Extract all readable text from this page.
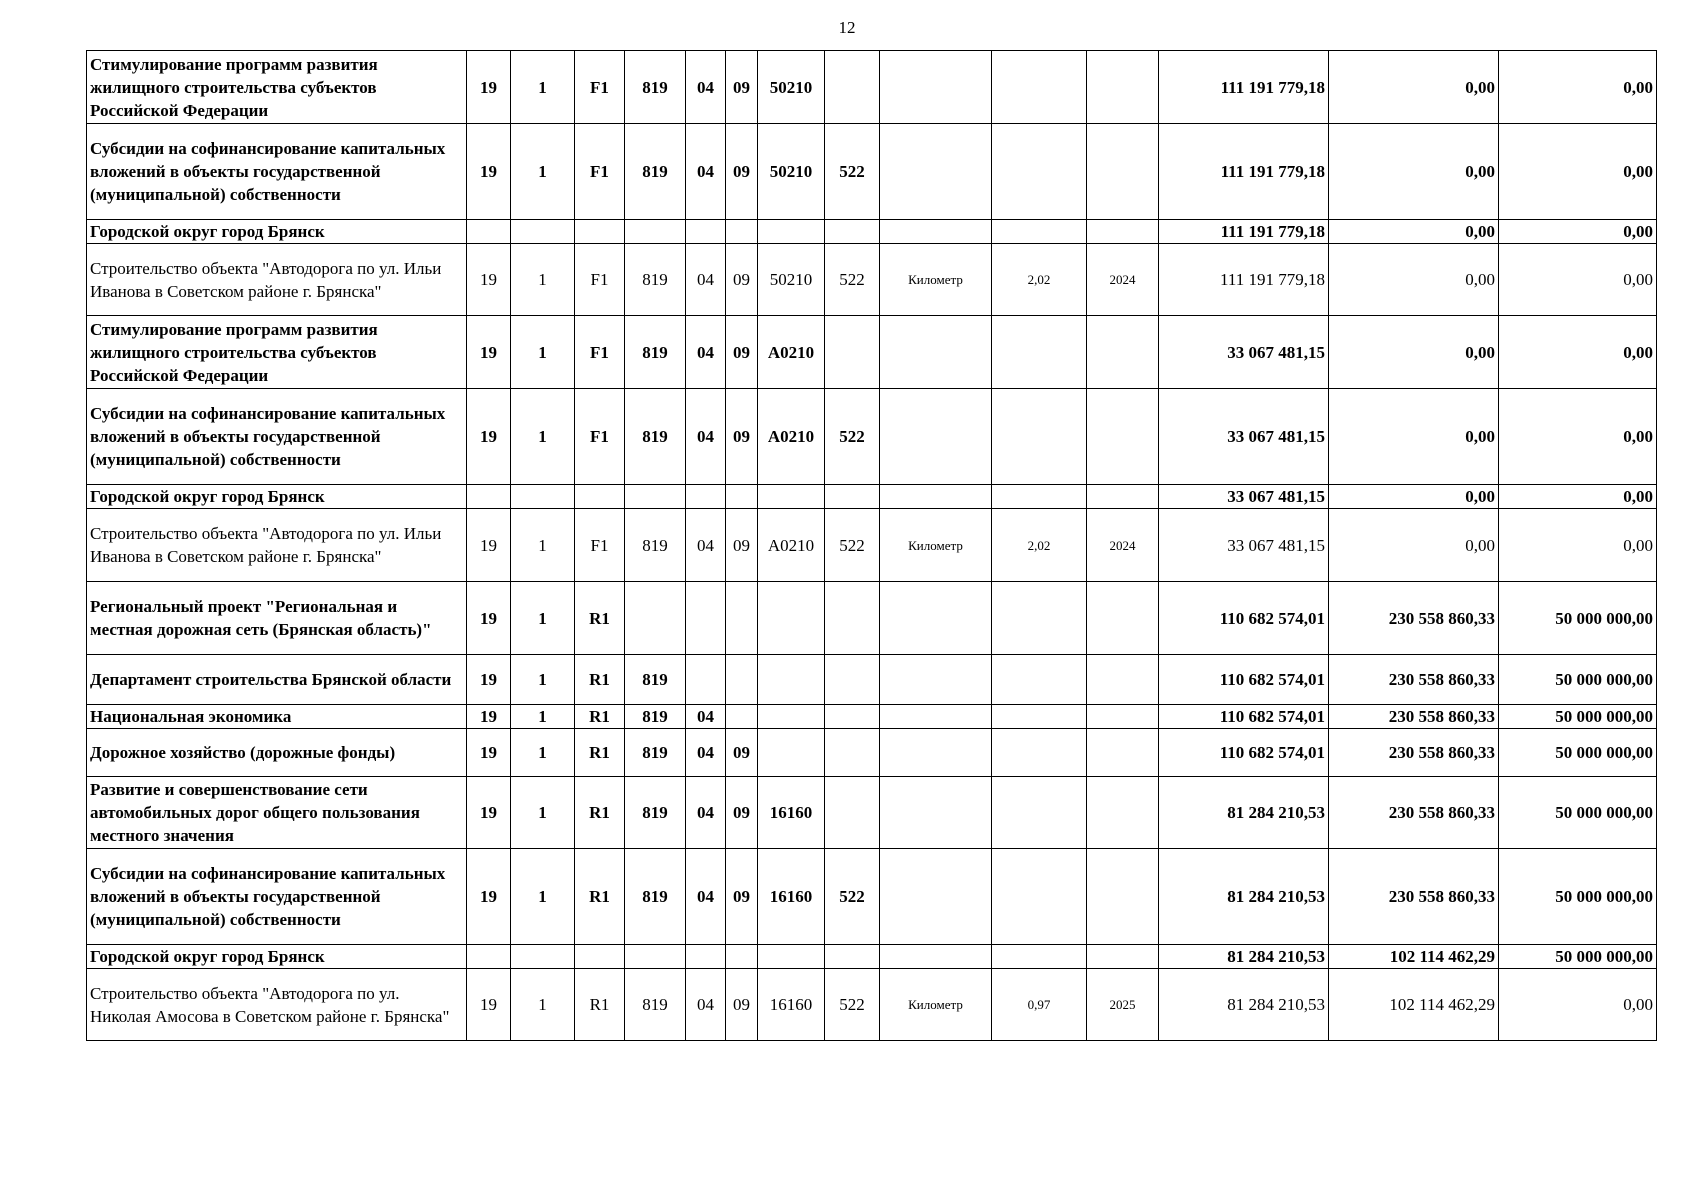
12
Стимулирование программ развития жилищного строительства субъектов Российской Федерации	19	1	F1	819	04	09	50210					111 191 779,18	0,00	0,00
Субсидии на софинансирование капитальных вложений в объекты государственной (муниципальной) собственности	19	1	F1	819	04	09	50210	522				111 191 779,18	0,00	0,00
Городской округ город Брянск												111 191 779,18	0,00	0,00
Строительство объекта "Автодорога по ул. Ильи Иванова в Советском районе г. Брянска"	19	1	F1	819	04	09	50210	522	Километр	2,02	2024	111 191 779,18	0,00	0,00
Стимулирование программ развития жилищного строительства субъектов Российской Федерации	19	1	F1	819	04	09	А0210					33 067 481,15	0,00	0,00
Субсидии на софинансирование капитальных вложений в объекты государственной (муниципальной) собственности	19	1	F1	819	04	09	А0210	522				33 067 481,15	0,00	0,00
Городской округ город Брянск												33 067 481,15	0,00	0,00
Строительство объекта "Автодорога по ул. Ильи Иванова в Советском районе г. Брянска"	19	1	F1	819	04	09	А0210	522	Километр	2,02	2024	33 067 481,15	0,00	0,00
Региональный проект "Региональная и местная дорожная сеть (Брянская область)"	19	1	R1									110 682 574,01	230 558 860,33	50 000 000,00
Департамент строительства Брянской области	19	1	R1	819								110 682 574,01	230 558 860,33	50 000 000,00
Национальная экономика	19	1	R1	819	04							110 682 574,01	230 558 860,33	50 000 000,00
Дорожное хозяйство (дорожные фонды)	19	1	R1	819	04	09						110 682 574,01	230 558 860,33	50 000 000,00
Развитие и совершенствование сети автомобильных дорог общего пользования местного значения	19	1	R1	819	04	09	16160					81 284 210,53	230 558 860,33	50 000 000,00
Субсидии на софинансирование капитальных вложений в объекты государственной (муниципальной) собственности	19	1	R1	819	04	09	16160	522				81 284 210,53	230 558 860,33	50 000 000,00
Городской округ город Брянск												81 284 210,53	102 114 462,29	50 000 000,00
Строительство объекта "Автодорога по ул. Николая Амосова в Советском районе г. Брянска"	19	1	R1	819	04	09	16160	522	Километр	0,97	2025	81 284 210,53	102 114 462,29	0,00
